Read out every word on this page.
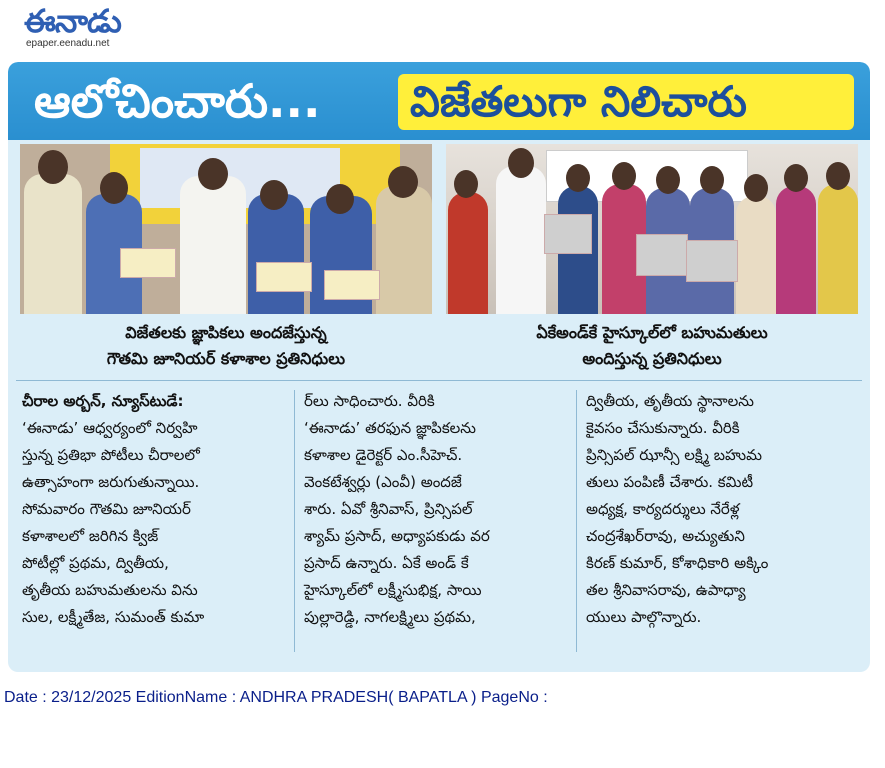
ఈనాడు
epaper.eenadu.net
ఆలోచించారు... విజేతలుగా నిలిచారు
విజేతలకు జ్ఞాపికలు అందజేస్తున్న
గౌతమి జూనియర్ కళాశాల ప్రతినిధులు
ఏకేఅండ్‌కే హైస్కూల్‌లో బహుమతులు
అందిస్తున్న ప్రతినిధులు

చీరాల అర్బన్, న్యూస్‌టుడే:

‘ఈనాడు’ ఆధ్వర్యంలో నిర్వహి

స్తున్న ప్రతిభా పోటీలు చీరాలలో

ఉత్సాహంగా జరుగుతున్నాయి.

సోమవారం గౌతమి జూనియర్

కళాశాలలో జరిగిన క్విజ్

పోటీల్లో ప్రథమ, ద్వితీయ,

తృతీయ బహుమతులను విను

సుల, లక్ష్మీతేజ, సుమంత్ కుమా

ర్‌లు సాధించారు. వీరికి

‘ఈనాడు’ తరఫున జ్ఞాపికలను

కళాశాల డైరెక్టర్ ఎం.సీహెచ్.

వెంకటేశ్వర్లు (ఎంవీ) అందజే

శారు. ఏవో శ్రీనివాస్, ప్రిన్సిపల్

శ్యామ్ ప్రసాద్, అధ్యాపకుడు వర

ప్రసాద్ ఉన్నారు. ఏకే అండ్ కే

హైస్కూల్‌లో లక్ష్మీసుభిక్ష, సాయి

పుల్లారెడ్డి, నాగలక్ష్మిలు ప్రథమ,

ద్వితీయ, తృతీయ స్థానాలను

కైవసం చేసుకున్నారు. వీరికి

ప్రిన్సిపల్ ఝాన్సీ లక్ష్మి బహుమ

తులు పంపిణీ చేశారు. కమిటీ

అధ్యక్ష, కార్యదర్శులు నేరేళ్ల

చంద్రశేఖర్‌రావు, అచ్యుతుని

కిరణ్ కుమార్, కోశాధికారి అక్కిం

తల శ్రీనివాసరావు, ఉపాధ్యా

యులు పాల్గొన్నారు.

Date : 23/12/2025 EditionName : ANDHRA PRADESH( BAPATLA ) PageNo :
